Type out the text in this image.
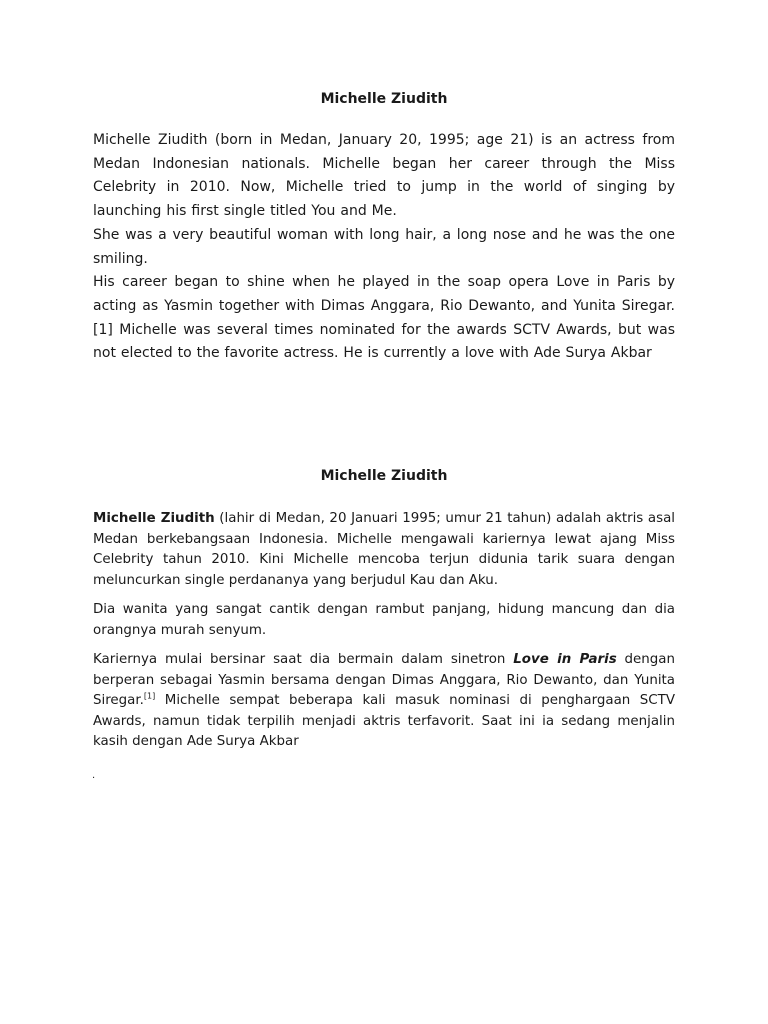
Michelle Ziudith

Michelle Ziudith (born in Medan, January 20, 1995; age 21) is an actress from Medan Indonesian nationals. Michelle began her career through the Miss Celebrity in 2010. Now, Michelle tried to jump in the world of singing by launching his first single titled You and Me.

She was a very beautiful woman with long hair, a long nose and he was the one smiling.

His career began to shine when he played in the soap opera Love in Paris by acting as Yasmin together with Dimas Anggara, Rio Dewanto, and Yunita Siregar. [1] Michelle was several times nominated for the awards SCTV Awards, but was not elected to the favorite actress. He is currently a love with Ade Surya Akbar

Michelle Ziudith

Michelle Ziudith (lahir di Medan, 20 Januari 1995; umur 21 tahun) adalah aktris asal Medan berkebangsaan Indonesia. Michelle mengawali kariernya lewat ajang Miss Celebrity tahun 2010. Kini Michelle mencoba terjun didunia tarik suara dengan meluncurkan single perdananya yang berjudul Kau dan Aku.

Dia wanita yang sangat cantik dengan rambut panjang, hidung mancung dan dia orangnya murah senyum.

Kariernya mulai bersinar saat dia bermain dalam sinetron Love in Paris dengan berperan sebagai Yasmin bersama dengan Dimas Anggara, Rio Dewanto, dan Yunita Siregar.[1] Michelle sempat beberapa kali masuk nominasi di penghargaan SCTV Awards, namun tidak terpilih menjadi aktris terfavorit. Saat ini ia sedang menjalin kasih dengan Ade Surya Akbar

.
